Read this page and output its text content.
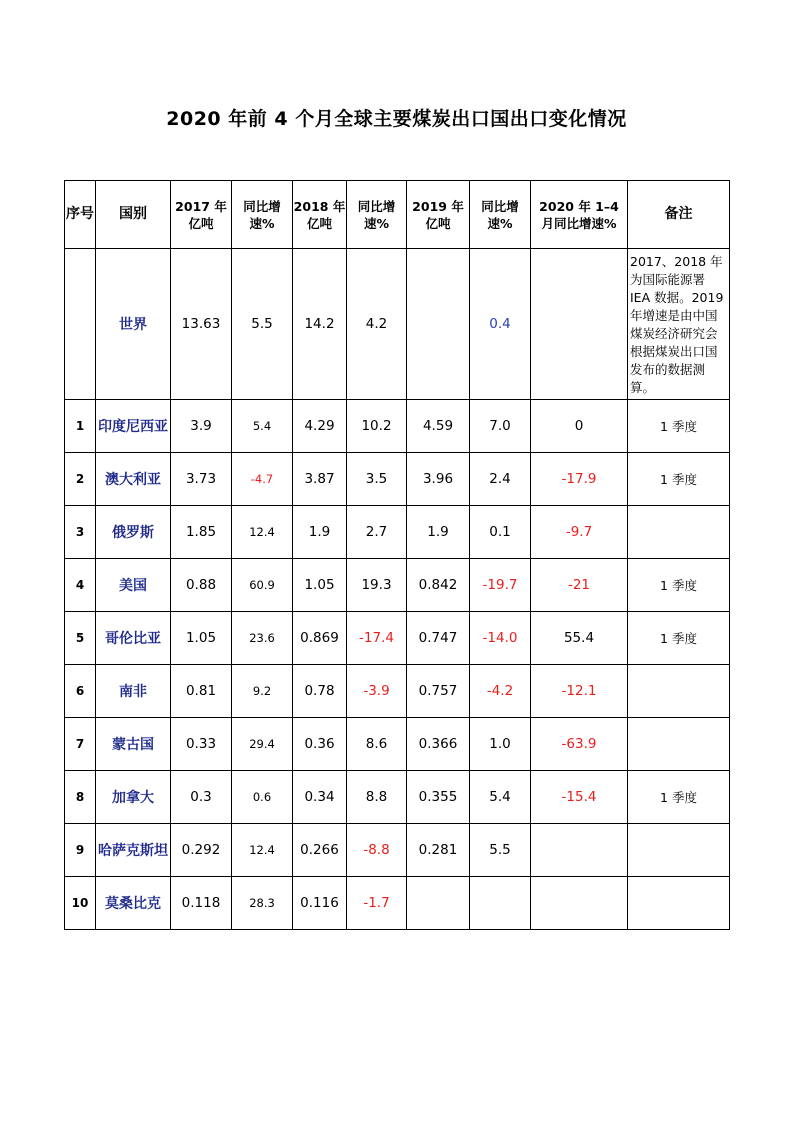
2020 年前 4 个月全球主要煤炭出口国出口变化情况
序号	国别	2017 年亿吨	同比增速%	2018 年亿吨	同比增速%	2019 年亿吨	同比增速%	2020 年 1–4 月同比增速%	备注
	世界	13.63	5.5	14.2	4.2		0.4		2017、2018 年为国际能源署 IEA 数据。2019 年增速是由中国煤炭经济研究会根据煤炭出口国发布的数据测算。
1	印度尼西亚	3.9	5.4	4.29	10.2	4.59	7.0	0	1 季度
2	澳大利亚	3.73	-4.7	3.87	3.5	3.96	2.4	-17.9	1 季度
3	俄罗斯	1.85	12.4	1.9	2.7	1.9	0.1	-9.7	
4	美国	0.88	60.9	1.05	19.3	0.842	-19.7	-21	1 季度
5	哥伦比亚	1.05	23.6	0.869	-17.4	0.747	-14.0	55.4	1 季度
6	南非	0.81	9.2	0.78	-3.9	0.757	-4.2	-12.1	
7	蒙古国	0.33	29.4	0.36	8.6	0.366	1.0	-63.9	
8	加拿大	0.3	0.6	0.34	8.8	0.355	5.4	-15.4	1 季度
9	哈萨克斯坦	0.292	12.4	0.266	-8.8	0.281	5.5		
10	莫桑比克	0.118	28.3	0.116	-1.7				
